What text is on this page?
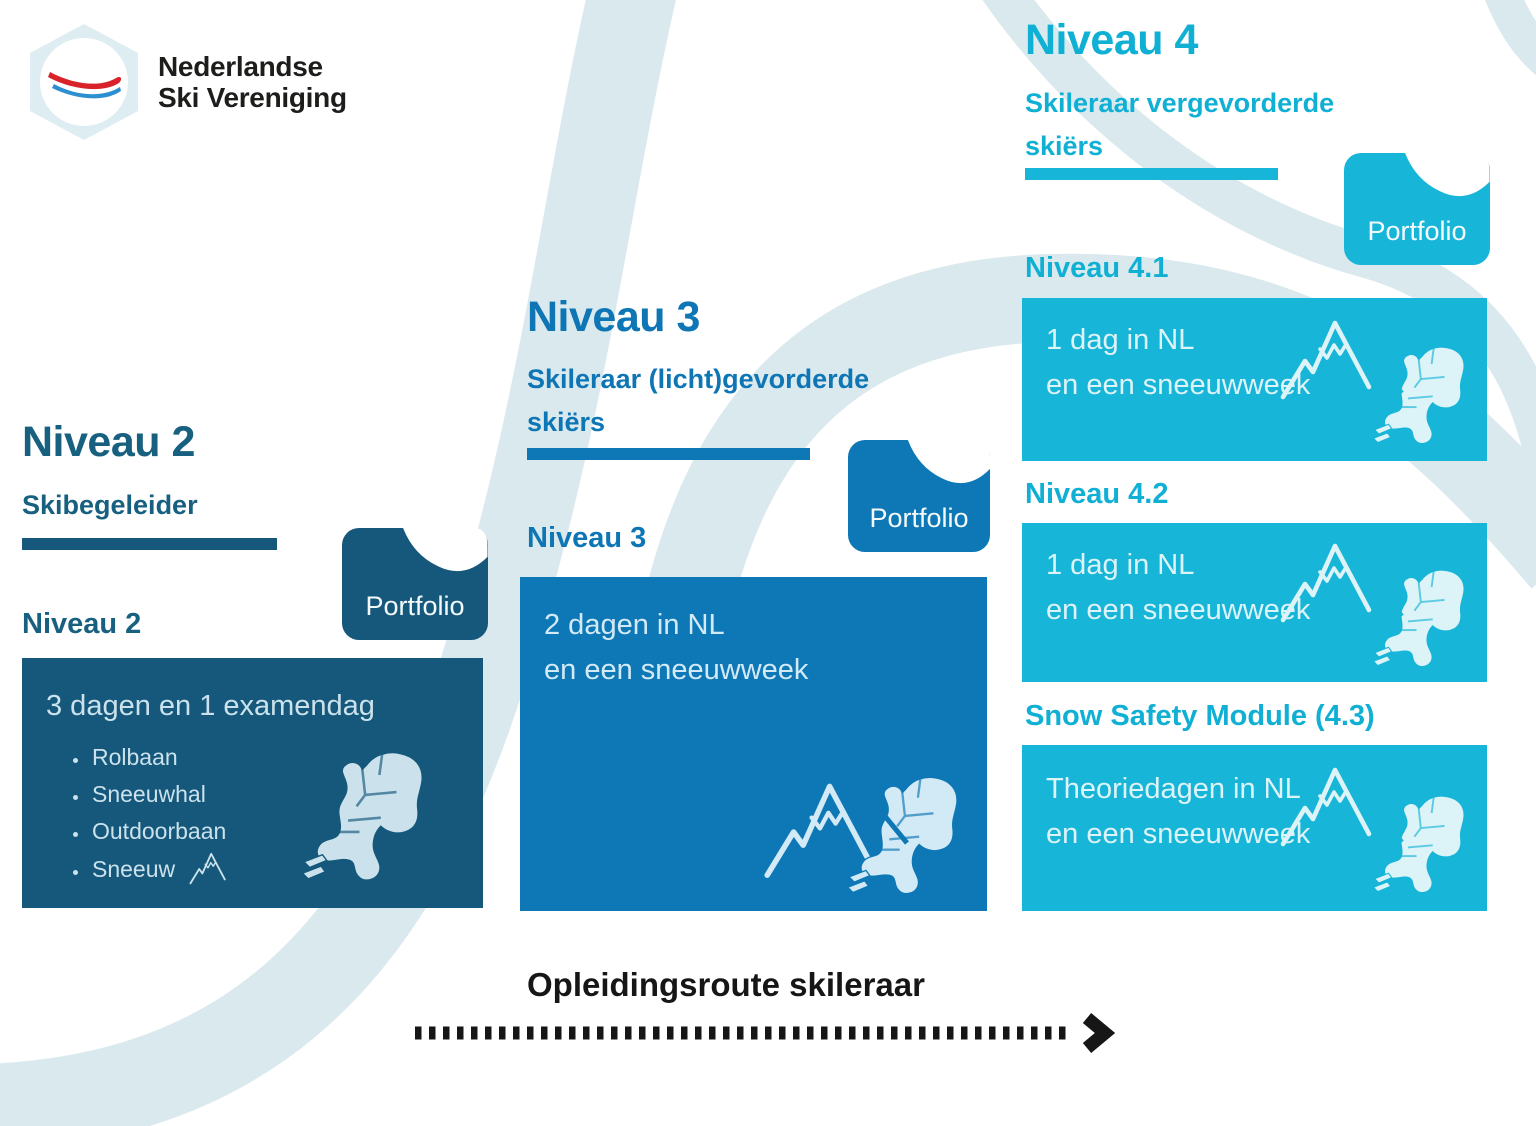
Nederlandse
Ski Vereniging
Niveau 2
Skibegeleider
Portfolio
Niveau 2
3 dagen en 1 examendag
• Rolbaan
• Sneeuwhal
• Outdoorbaan
• Sneeuw
Niveau 3
Skileraar (licht)gevorderde skiërs
Portfolio
Niveau 3
2 dagen in NL
en een sneeuwweek
Niveau 4
Skileraar vergevorderde skiërs
Portfolio
Niveau 4.1
1 dag in NL
en een sneeuwweek
Niveau 4.2
1 dag in NL
en een sneeuwweek
Snow Safety Module (4.3)
Theoriedagen in NL
en een sneeuwweek
Opleidingsroute skileraar
